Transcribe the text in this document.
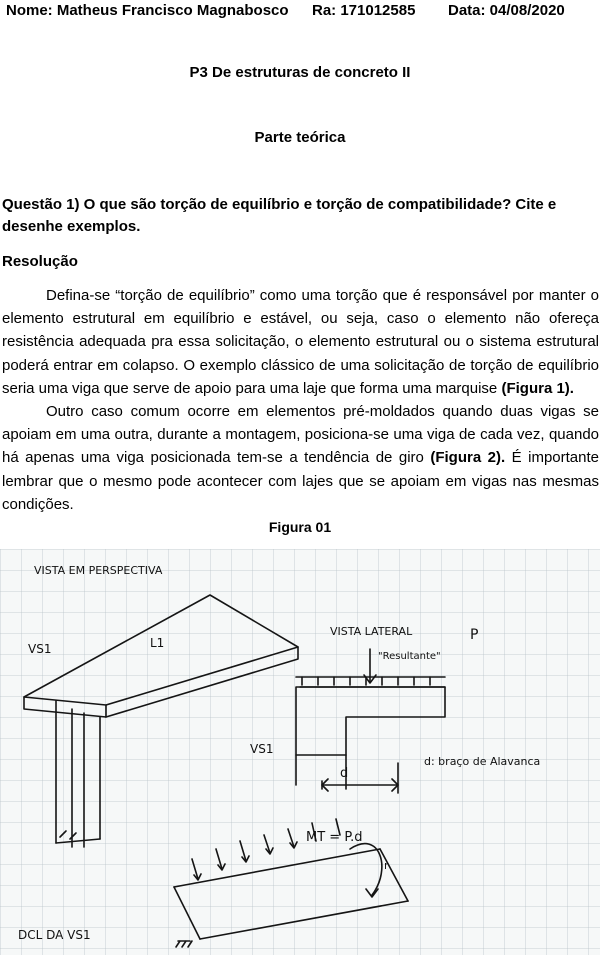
Nome: Matheus Francisco Magnabosco Ra: 171012585 Data: 04/08/2020
P3 De estruturas de concreto II
Parte teórica
Questão 1) O que são torção de equilíbrio e torção de compatibilidade? Cite e desenhe exemplos.
Resolução
Defina-se “torção de equilíbrio” como uma torção que é responsável por manter o elemento estrutural em equilíbrio e estável, ou seja, caso o elemento não ofereça resistência adequada pra essa solicitação, o elemento estrutural ou o sistema estrutural poderá entrar em colapso. O exemplo clássico de uma solicitação de torção de equilíbrio seria uma viga que serve de apoio para uma laje que forma uma marquise (Figura 1).
Outro caso comum ocorre em elementos pré-moldados quando duas vigas se apoiam em uma outra, durante a montagem, posiciona-se uma viga de cada vez, quando há apenas uma viga posicionada tem-se a tendência de giro (Figura 2). É importante lembrar que o mesmo pode acontecer com lajes que se apoiam em vigas nas mesmas condições.
Figura 01
VISTA EM PERSPECTIVA
VS1	L1
VISTA LATERAL
"Resultante"
P
VS1
d
d: braço de Alavanca
MT = P.d
r
DCL DA VS1
